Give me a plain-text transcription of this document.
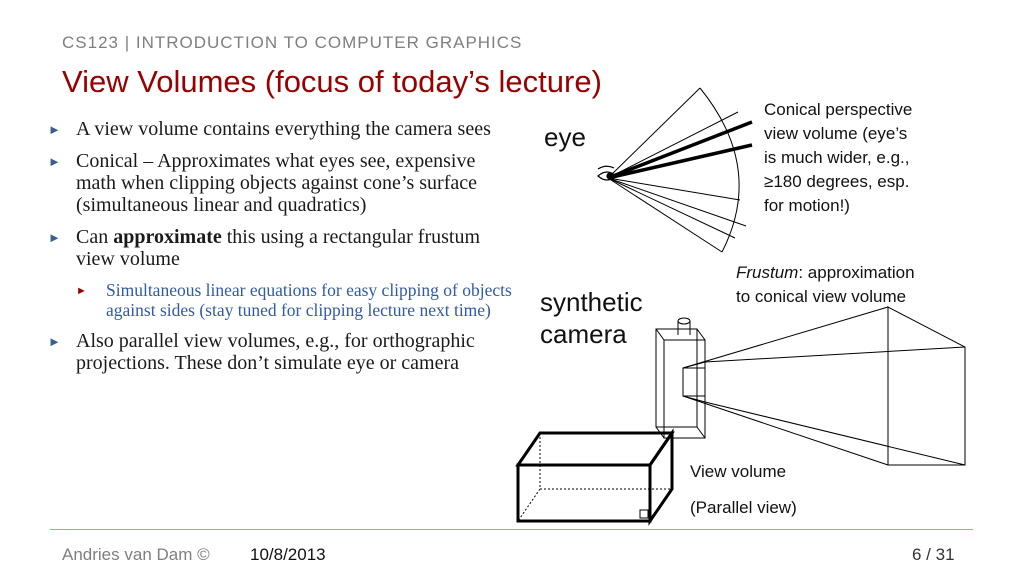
CS123 | INTRODUCTION TO COMPUTER GRAPHICS
View Volumes (focus of today’s lecture)
► A view volume contains everything the camera sees
► Conical – Approximates what eyes see, expensive math when clipping objects against cone’s surface (simultaneous linear and quadratics)
► Can approximate this using a rectangular frustum view volume
► Simultaneous linear equations for easy clipping of objects against sides (stay tuned for clipping lecture next time)
► Also parallel view volumes, e.g., for orthographic projections. These don’t simulate eye or camera
eye
Conical perspective
view volume (eye’s
is much wider, e.g.,
≥180 degrees, esp.
for motion!)
Frustum: approximation
to conical view volume
synthetic
camera
View volume
(Parallel view)
Andries van Dam © 10/8/2013	6 / 31
